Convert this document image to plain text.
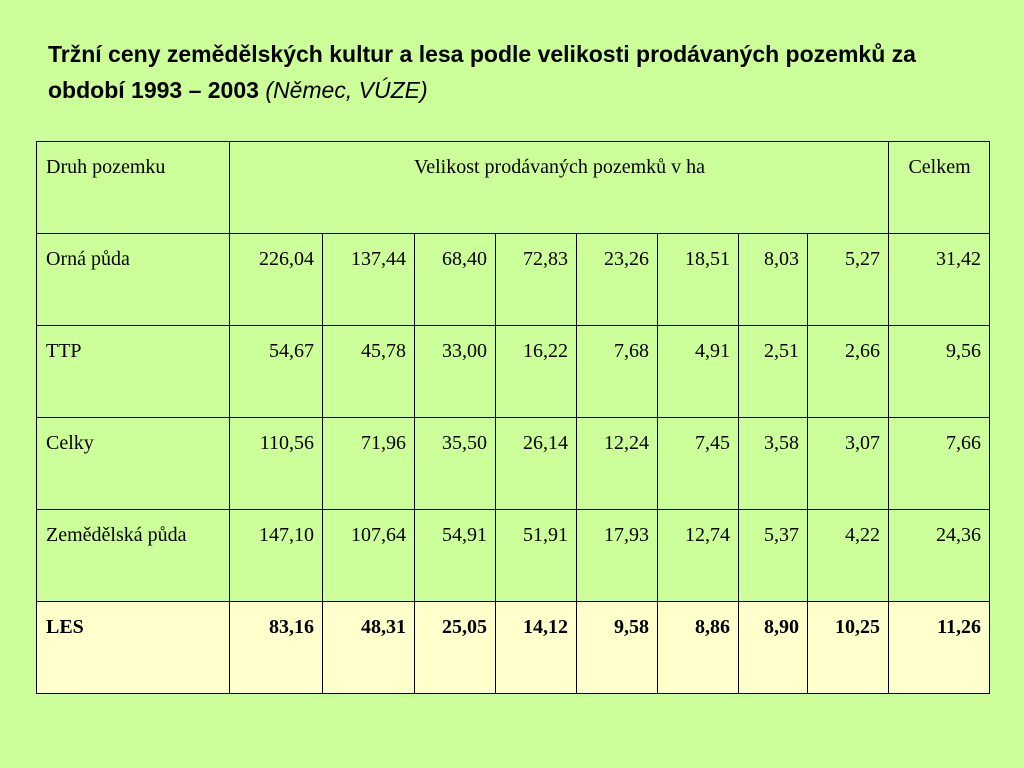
Tržní ceny zemědělských kultur a lesa podle velikosti prodávaných pozemků za období 1993 – 2003 (Němec, VÚZE)
Druh pozemku	Velikost prodávaných pozemků v ha								Celkem
Orná půda	226,04	137,44	68,40	72,83	23,26	18,51	8,03	5,27	31,42
TTP	54,67	45,78	33,00	16,22	7,68	4,91	2,51	2,66	9,56
Celky	110,56	71,96	35,50	26,14	12,24	7,45	3,58	3,07	7,66
Zemědělská půda	147,10	107,64	54,91	51,91	17,93	12,74	5,37	4,22	24,36
LES	83,16	48,31	25,05	14,12	9,58	8,86	8,90	10,25	11,26
